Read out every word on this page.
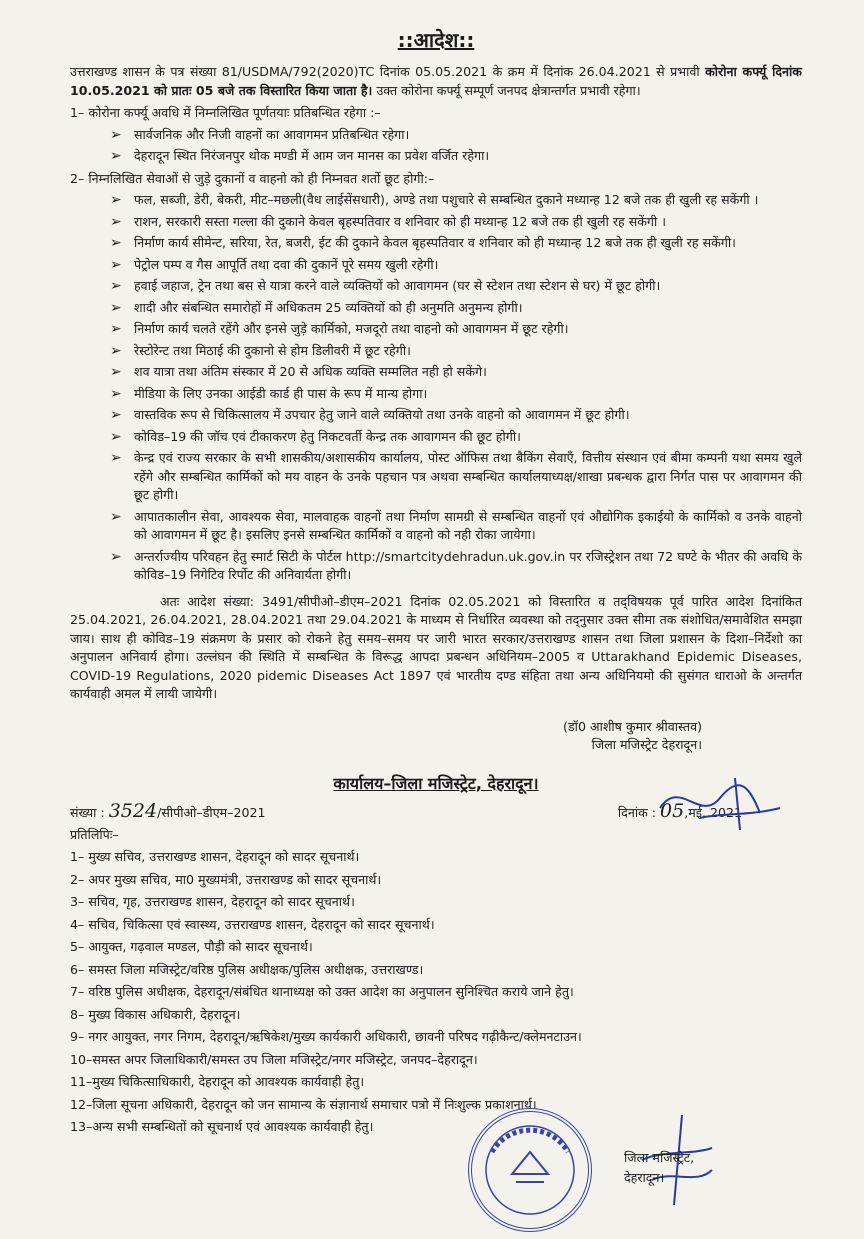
::आदेश::
उत्तराखण्ड शासन के पत्र संख्या 81/USDMA/792(2020)TC दिनांक 05.05.2021 के क्रम में दिनांक 26.04.2021 से प्रभावी कोरोना कर्फ्यू दिनांक 10.05.2021 को प्रातः 05 बजे तक विस्तारित किया जाता है। उक्त कोरोना कर्फ्यू सम्पूर्ण जनपद क्षेत्रान्तर्गत प्रभावी रहेगा।
1– कोरोना कर्फ्यू अवधि में निम्नलिखित पूर्णतयाः प्रतिबन्धित रहेगा :–
➢ सार्वजनिक और निजी वाहनों का आवागमन प्रतिबन्धित रहेगा।
➢ देहरादून स्थित निरंजनपुर थोक मण्डी में आम जन मानस का प्रवेश वर्जित रहेगा।
2– निम्नलिखित सेवाओं से जुड़े दुकानों व वाहनो को ही निम्नवत शर्तो छूट होगी:–
➢ फल, सब्जी, डेरी, बेकरी, मीट–मछली(वैध लाईसेंसधारी), अण्डे तथा पशुचारे से सम्बन्धित दुकाने मध्यान्ह 12 बजे तक ही खुली रह सकेंगी ।
➢ राशन, सरकारी सस्ता गल्ला की दुकाने केवल बृहस्पतिवार व शनिवार को ही मध्यान्ह 12 बजे तक ही खुली रह सकेंगी ।
➢ निर्माण कार्य सीमेन्ट, सरिया, रेत, बजरी, ईट की दुकाने केवल बृहस्पतिवार व शनिवार को ही मध्यान्ह 12 बजे तक ही खुली रह सकेंगी।
➢ पेट्रोल पम्प व गैस आपूर्ति तथा दवा की दुकानें पूरे समय खुली रहेगी।
➢ हवाई जहाज, ट्रेन तथा बस से यात्रा करने वाले व्यक्तियों को आवागमन (घर से स्टेशन तथा स्टेशन से घर) में छूट होगी।
➢ शादी और संबन्धित समारोहों में अधिकतम 25 व्यक्तियों को ही अनुमति अनुमन्य होगी।
➢ निर्माण कार्य चलते रहेंगे और इनसे जुड़े कार्मिको, मजदूरो तथा वाहनो को आवागमन में छूट रहेगी।
➢ रेस्टोरेन्ट तथा मिठाई की दुकानो से होम डिलीवरी में छूट रहेगी।
➢ शव यात्रा तथा अंतिम संस्कार में 20 से अधिक व्यक्ति सम्मलित नही हो सकेंगे।
➢ मीडिया के लिए उनका आईडी कार्ड ही पास के रूप में मान्य होगा।
➢ वास्तविक रूप से चिकित्सालय में उपचार हेतु जाने वाले व्यक्तियो तथा उनके वाहनो को आवागमन में छूट होगी।
➢ कोविड–19 की जॉच एवं टीकाकरण हेतु निकटवर्ती केन्द्र तक आवागमन की छूट होगी।
➢ केन्द्र एवं राज्य सरकार के सभी शासकीय/अशासकीय कार्यालय, पोस्ट ऑफिस तथा बैकिंग सेवाएँ, वित्तीय संस्थान एवं बीमा कम्पनी यथा समय खुले रहेंगे और सम्बन्धित कार्मिकों को मय वाहन के उनके पहचान पत्र अथवा सम्बन्धित कार्यालयाध्यक्ष/शाखा प्रबन्धक द्वारा निर्गत पास पर आवागमन की छूट होगी।
➢ आपातकालीन सेवा, आवश्यक सेवा, मालवाहक वाहनों तथा निर्माण सामग्री से सम्बन्धित वाहनों एवं औद्योगिक इकाईयो के कार्मिको व उनके वाहनो को आवागमन में छूट है। इसलिए इनसे सम्बन्धित कार्मिकों व वाहनो को नही रोका जायेगा।
➢ अन्तर्राज्यीय परिवहन हेतु स्मार्ट सिटी के पोर्टल http://smartcitydehradun.uk.gov.in पर रजिस्ट्रेशन तथा 72 घण्टे के भीतर की अवधि के कोविड–19 निगेटिव रिर्पोट की अनिवार्यता होगी।
अतः आदेश संख्या: 3491/सीपीओ–डीएम–2021 दिनांक 02.05.2021 को विस्तारित व तद्‌विषयक पूर्व पारित आदेश दिनांकित 25.04.2021, 26.04.2021, 28.04.2021 तथा 29.04.2021 के माध्यम से निर्धारित व्यवस्था को तद्‌नुसार उक्त सीमा तक संशोधित/समावेशित समझा जाय। साथ ही कोविड–19 संक्रमण के प्रसार को रोकने हेतु समय–समय पर जारी भारत सरकार/उत्तराखण्ड शासन तथा जिला प्रशासन के दिशा–निर्देशो का अनुपालन अनिवार्य होगा। उल्लंघन की स्थिति में सम्बन्धित के विरूद्ध आपदा प्रबन्धन अधिनियम–2005 व Uttarakhand Epidemic Diseases, COVID-19 Regulations, 2020 pidemic Diseases Act 1897 एवं भारतीय दण्ड संहिता तथा अन्य अधिनियमो की सुसंगत धाराओ के अन्तर्गत कार्यवाही अमल में लायी जायेगी।
(डॉ0 आशीष कुमार श्रीवास्तव)
जिला मजिस्ट्रेट देहरादून।
कार्यालय–जिला मजिस्ट्रेट, देहरादून।
संख्या : 3524/सीपीओ–डीएम–2021	दिनांक : 05,मई, 2021
प्रतिलिपिः–
1– मुख्य सचिव, उत्तराखण्ड शासन, देहरादून को सादर सूचनार्थ।
2– अपर मुख्य सचिव, मा0 मुख्यमंत्री, उत्तराखण्ड को सादर सूचनार्थ।
3– सचिव, गृह, उत्तराखण्ड शासन, देहरादून को सादर सूचनार्थ।
4– सचिव, चिकित्सा एवं स्वास्थ्य, उत्तराखण्ड शासन, देहरादून को सादर सूचनार्थ।
5– आयुक्त, गढ़वाल मण्डल, पौड़ी को सादर सूचनार्थ।
6– समस्त जिला मजिस्ट्रेट/वरिष्ठ पुलिस अधीक्षक/पुलिस अधीक्षक, उत्तराखण्ड।
7– वरिष्ठ पुलिस अधीक्षक, देहरादून/संबंधित थानाध्यक्ष को उक्त आदेश का अनुपालन सुनिश्चित कराये जाने हेतु।
8– मुख्य विकास अधिकारी, देहरादून।
9– नगर आयुक्त, नगर निगम, देहरादून/ऋषिकेश/मुख्य कार्यकारी अधिकारी, छावनी परिषद गढ़ीकैन्ट/क्लेमनटाउन।
10–समस्त अपर जिलाधिकारी/समस्त उप जिला मजिस्ट्रेट/नगर मजिस्ट्रेट, जनपद–देहरादून।
11–मुख्य चिकित्साधिकारी, देहरादून को आवश्यक कार्यवाही हेतु।
12–जिला सूचना अधिकारी, देहरादून को जन सामान्य के संज्ञानार्थ समाचार पत्रो में निःशुल्क प्रकाशनार्थ।
13–अन्य सभी सम्बन्धितों को सूचनार्थ एवं आवश्यक कार्यवाही हेतु।
जिला मजिस्ट्रेट,
देहरादून।
